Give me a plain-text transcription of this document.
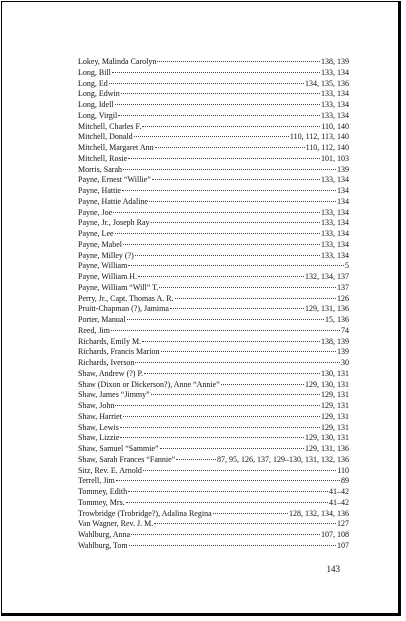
Lokey, Malinda Carolyn	138, 139
Long, Bill	133, 134
Long, Ed	134, 135, 136
Long, Edwin	133, 134
Long, Idell	133, 134
Long, Virgil	133, 134
Mitchell, Charles F.	110, 140
Mitchell, Donald	110, 112, 113, 140
Mitchell, Margaret Ann	110, 112, 140
Mitchell, Rosie	101, 103
Morris, Sarah	139
Payne, Ernest “Willie”	133, 134
Payne, Hattie	134
Payne, Hattie Adaline	134
Payne, Joe	133, 134
Payne, Jr., Joseph Ray	133, 134
Payne, Lee	133, 134
Payne, Mabel	133, 134
Payne, Milley (?)	133, 134
Payne, William	5
Payne, William H.	132, 134, 137
Payne, William “Will” T.	137
Perry, Jr., Capt. Thomas A. R.	126
Pruitt-Chapman (?), Jamima	129, 131, 136
Porter, Manual	15, 136
Reed, Jim	74
Richards, Emily M.	138, 139
Richards, Francis Marion	139
Richards, Iverson	30
Shaw, Andrew (?) P.	130, 131
Shaw (Dixon or Dickerson?), Anne “Annie”	129, 130, 131
Shaw, James “Jimmy”	129, 131
Shaw, John	129, 131
Shaw, Harriet	129, 131
Shaw, Lewis	129, 131
Shaw, Lizzie	129, 130, 131
Shaw, Samuel “Sammie”	129, 131, 136
Shaw, Sarah Frances “Fannie”	87, 95, 126, 137, 129–130, 131, 132, 136
Sitz, Rev. E. Arnold	110
Terrell, Jim	89
Tommey, Edith	41–42
Tommey, Mrs.	41–42
Trowbridge (Trobridge?), Adalina Regina	128, 132, 134, 136
Van Wagner, Rev. J. M.	127
Wahlburg, Anna	107, 108
Wahlburg, Tom	107
143
